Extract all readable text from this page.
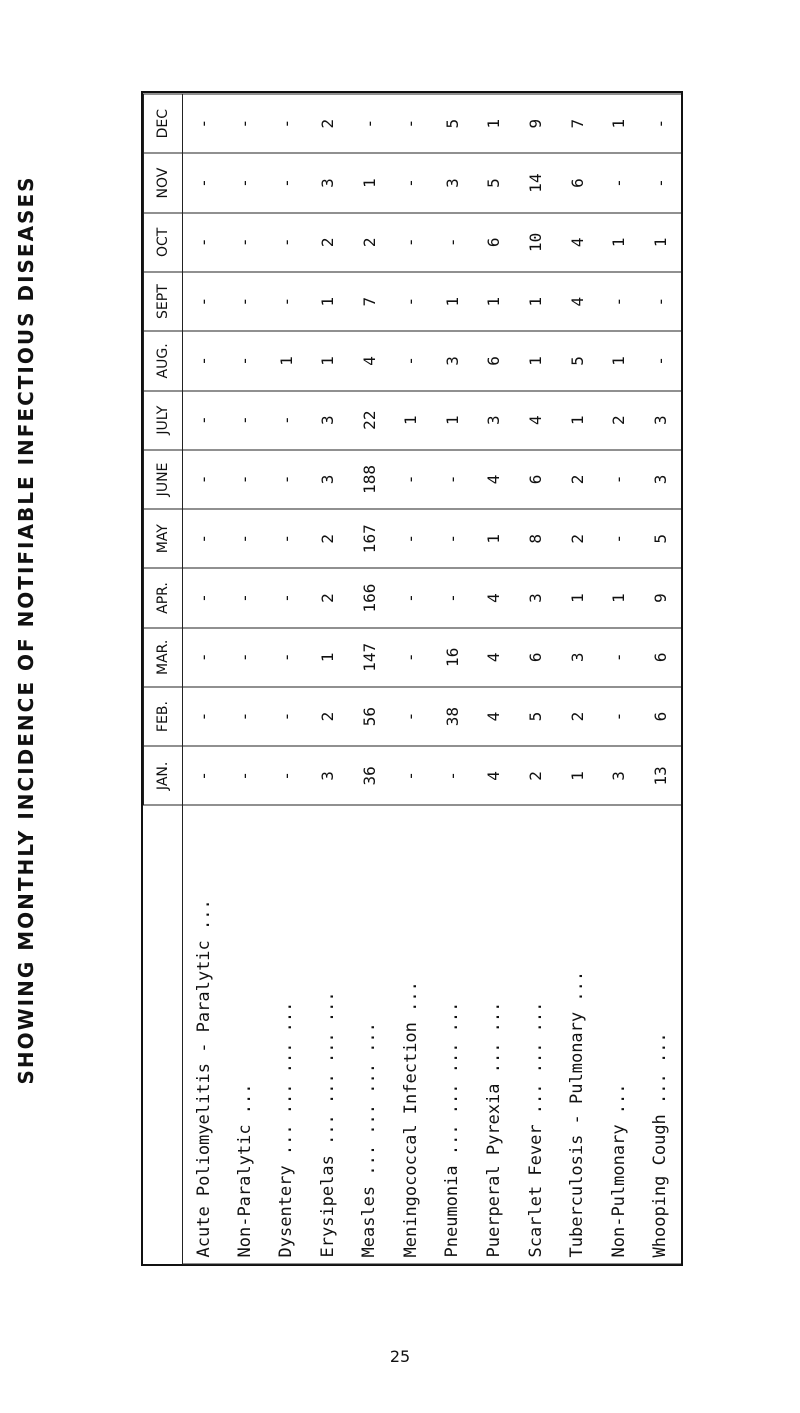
SHOWING MONTHLY INCIDENCE OF NOTIFIABLE INFECTIOUS DISEASES
		JAN.	FEB.	MAR.	APR.	MAY	JUNE	JULY	AUG.	SEPT	OCT	NOV	DEC
Acute Poliomyelitis - Paralytic ...	-	-	-	-	-	-	-	-	-	-	-	-
Non-Paralytic ...	-	-	-	-	-	-	-	-	-	-	-	-
Dysentery ... ... ... ...	-	-	-	-	-	-	-	1	-	-	-	-
Erysipelas ... ... ... ...	3	2	1	2	2	3	3	1	1	2	3	2
Measles ... ... ... ...	36	56	147	166	167	188	22	4	7	2	1	-
Meningococcal Infection ...	-	-	-	-	-	-	1	-	-	-	-	-
Pneumonia ... ... ... ...	-	38	16	-	-	-	1	3	1	-	3	5
Puerperal Pyrexia ... ...	4	4	4	4	1	4	3	6	1	6	5	1
Scarlet Fever ... ... ...	2	5	6	3	8	6	4	1	1	10	14	9
Tuberculosis - Pulmonary ...	1	2	3	1	2	2	1	5	4	4	6	7
Non-Pulmonary ...	3	-	-	1	-	-	2	1	-	1	-	1
Whooping Cough ... ...	13	6	6	9	5	3	3	-	-	1	-	-
25
